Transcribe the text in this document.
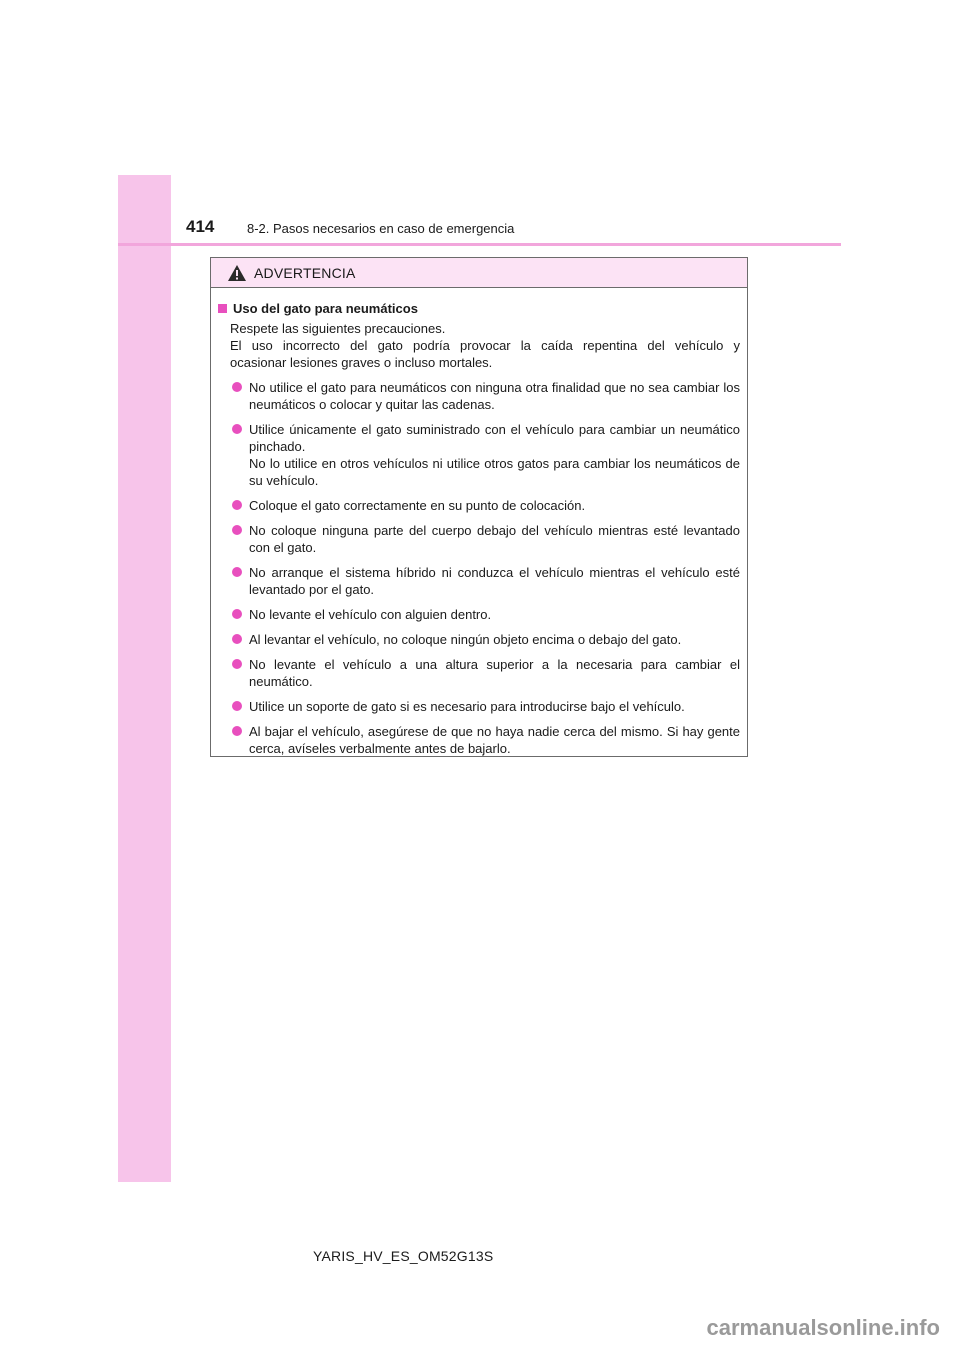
414	8-2. Pasos necesarios en caso de emergencia
ADVERTENCIA
Uso del gato para neumáticos

Respete las siguientes precauciones.

El uso incorrecto del gato podría provocar la caída repentina del vehículo y

ocasionar lesiones graves o incluso mortales.

No utilice el gato para neumáticos con ninguna otra finalidad que no sea cambiar los neumáticos o colocar y quitar las cadenas.
Utilice únicamente el gato suministrado con el vehículo para cambiar un neumático pinchado.
No lo utilice en otros vehículos ni utilice otros gatos para cambiar los neumáticos de su vehículo.
Coloque el gato correctamente en su punto de colocación.
No coloque ninguna parte del cuerpo debajo del vehículo mientras esté levantado con el gato.
No arranque el sistema híbrido ni conduzca el vehículo mientras el vehículo esté levantado por el gato.
No levante el vehículo con alguien dentro.
Al levantar el vehículo, no coloque ningún objeto encima o debajo del gato.
No levante el vehículo a una altura superior a la necesaria para cambiar el neumático.
Utilice un soporte de gato si es necesario para introducirse bajo el vehículo.
Al bajar el vehículo, asegúrese de que no haya nadie cerca del mismo. Si hay gente cerca, avíseles verbalmente antes de bajarlo.
YARIS_HV_ES_OM52G13S
carmanualsonline.info
